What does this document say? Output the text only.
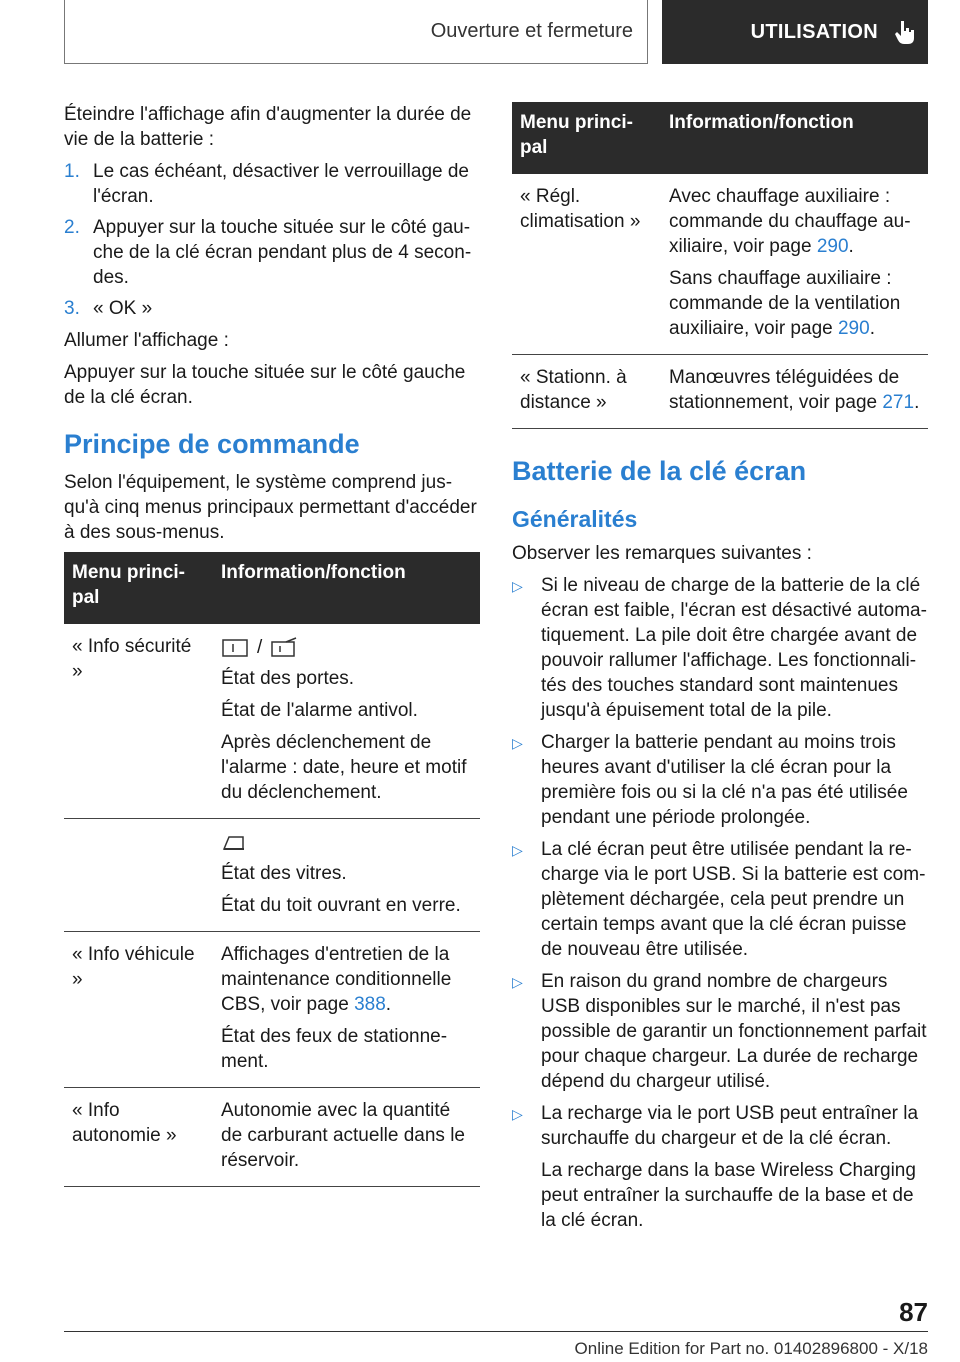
Ouverture et fermeture	UTILISATION

Éteindre l'affichage afin d'augmenter la durée de vie de la batterie :

1. Le cas échéant, désactiver le verrouillage de l'écran.
2. Appuyer sur la touche située sur le côté gauche de la clé écran pendant plus de 4 secondes.
3. « OK »

Allumer l'affichage :

Appuyer sur la touche située sur le côté gauche de la clé écran.

Principe de commande

Selon l'équipement, le système comprend jusqu'à cinq menus principaux permettant d'accéder à des sous-menus.

Menu principal	Information/fonction
« Info sécurité »	/

État des portes.

État de l'alarme antivol.

Après déclenchement de l'alarme : date, heure et motif du déclenchement.

	État des vitres.

État du toit ouvrant en verre.

« Info véhicule »	Affichages d'entretien de la maintenance conditionnelle CBS, voir page 388.

État des feux de stationnement.

« Info autonomie »	Autonomie avec la quantité de carburant actuelle dans le réservoir.

Menu principal	Information/fonction
« Régl. climatisation »	Avec chauffage auxiliaire : commande du chauffage auxiliaire, voir page 290.

Sans chauffage auxiliaire : commande de la ventilation auxiliaire, voir page 290.

« Stationn. à distance »	Manœuvres téléguidées de stationnement, voir page 271.

Batterie de la clé écran
Généralités

Observer les remarques suivantes :

▷ Si le niveau de charge de la batterie de la clé écran est faible, l'écran est désactivé automatiquement. La pile doit être chargée avant de pouvoir rallumer l'affichage. Les fonctionnalités des touches standard sont maintenues jusqu'à épuisement total de la pile.
▷ Charger la batterie pendant au moins trois heures avant d'utiliser la clé écran pour la première fois ou si la clé n'a pas été utilisée pendant une période prolongée.
▷ La clé écran peut être utilisée pendant la recharge via le port USB. Si la batterie est complètement déchargée, cela peut prendre un certain temps avant que la clé écran puisse de nouveau être utilisée.
▷ En raison du grand nombre de chargeurs USB disponibles sur le marché, il n'est pas possible de garantir un fonctionnement parfait pour chaque chargeur. La durée de recharge dépend du chargeur utilisé.
▷ La recharge via le port USB peut entraîner la surchauffe du chargeur et de la clé écran.

La recharge dans la base Wireless Charging peut entraîner la surchauffe de la base et de la clé écran.

87
Online Edition for Part no. 01402896800 - X/18
